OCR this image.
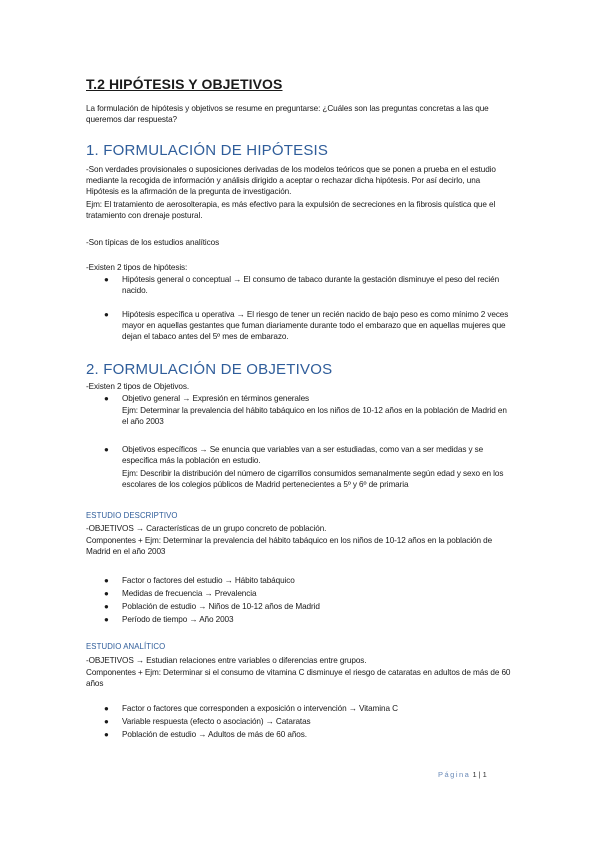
T.2 HIPÓTESIS Y OBJETIVOS
La formulación de hipótesis y objetivos se resume en preguntarse: ¿Cuáles son las preguntas concretas a las que queremos dar respuesta?
1. FORMULACIÓN DE HIPÓTESIS
-Son verdades provisionales o suposiciones derivadas de los modelos teóricos que se ponen a prueba en el estudio mediante la recogida de información y análisis dirigido a aceptar o rechazar dicha hipótesis. Por así decirlo, una Hipótesis es la afirmación de la pregunta de investigación.
Ejm: El tratamiento de aerosolterapia, es más efectivo para la expulsión de secreciones en la fibrosis quística que el tratamiento con drenaje postural.
-Son típicas de los estudios analíticos
-Existen 2 tipos de hipótesis:
● Hipótesis general o conceptual → El consumo de tabaco durante la gestación disminuye el peso del recién nacido.
● Hipótesis específica u operativa → El riesgo de tener un recién nacido de bajo peso es como mínimo 2 veces mayor en aquellas gestantes que fuman diariamente durante todo el embarazo que en aquellas mujeres que dejan el tabaco antes del 5º mes de embarazo.
2. FORMULACIÓN DE OBJETIVOS
-Existen 2 tipos de Objetivos.
● Objetivo general → Expresión en términos generales
Ejm: Determinar la prevalencia del hábito tabáquico en los niños de 10-12 años en la población de Madrid en el año 2003
● Objetivos específicos → Se enuncia que variables van a ser estudiadas, como van a ser medidas y se especifica más la población en estudio.
Ejm: Describir la distribución del número de cigarrillos consumidos semanalmente según edad y sexo en los escolares de los colegios públicos de Madrid pertenecientes a 5º y 6º de primaria
ESTUDIO DESCRIPTIVO
-OBJETIVOS → Características de un grupo concreto de población.
Componentes + Ejm: Determinar la prevalencia del hábito tabáquico en los niños de 10-12 años en la población de Madrid en el año 2003
● Factor o factores del estudio → Hábito tabáquico
● Medidas de frecuencia → Prevalencia
● Población de estudio → Niños de 10-12 años de Madrid
● Período de tiempo → Año 2003
ESTUDIO ANALÍTICO
-OBJETIVOS → Estudian relaciones entre variables o diferencias entre grupos.
Componentes + Ejm: Determinar si el consumo de vitamina C disminuye el riesgo de cataratas en adultos de más de 60 años
● Factor o factores que corresponden a exposición o intervención → Vitamina C
● Variable respuesta (efecto o asociación) → Cataratas
● Población de estudio → Adultos de más de 60 años.
Página 1 | 1
